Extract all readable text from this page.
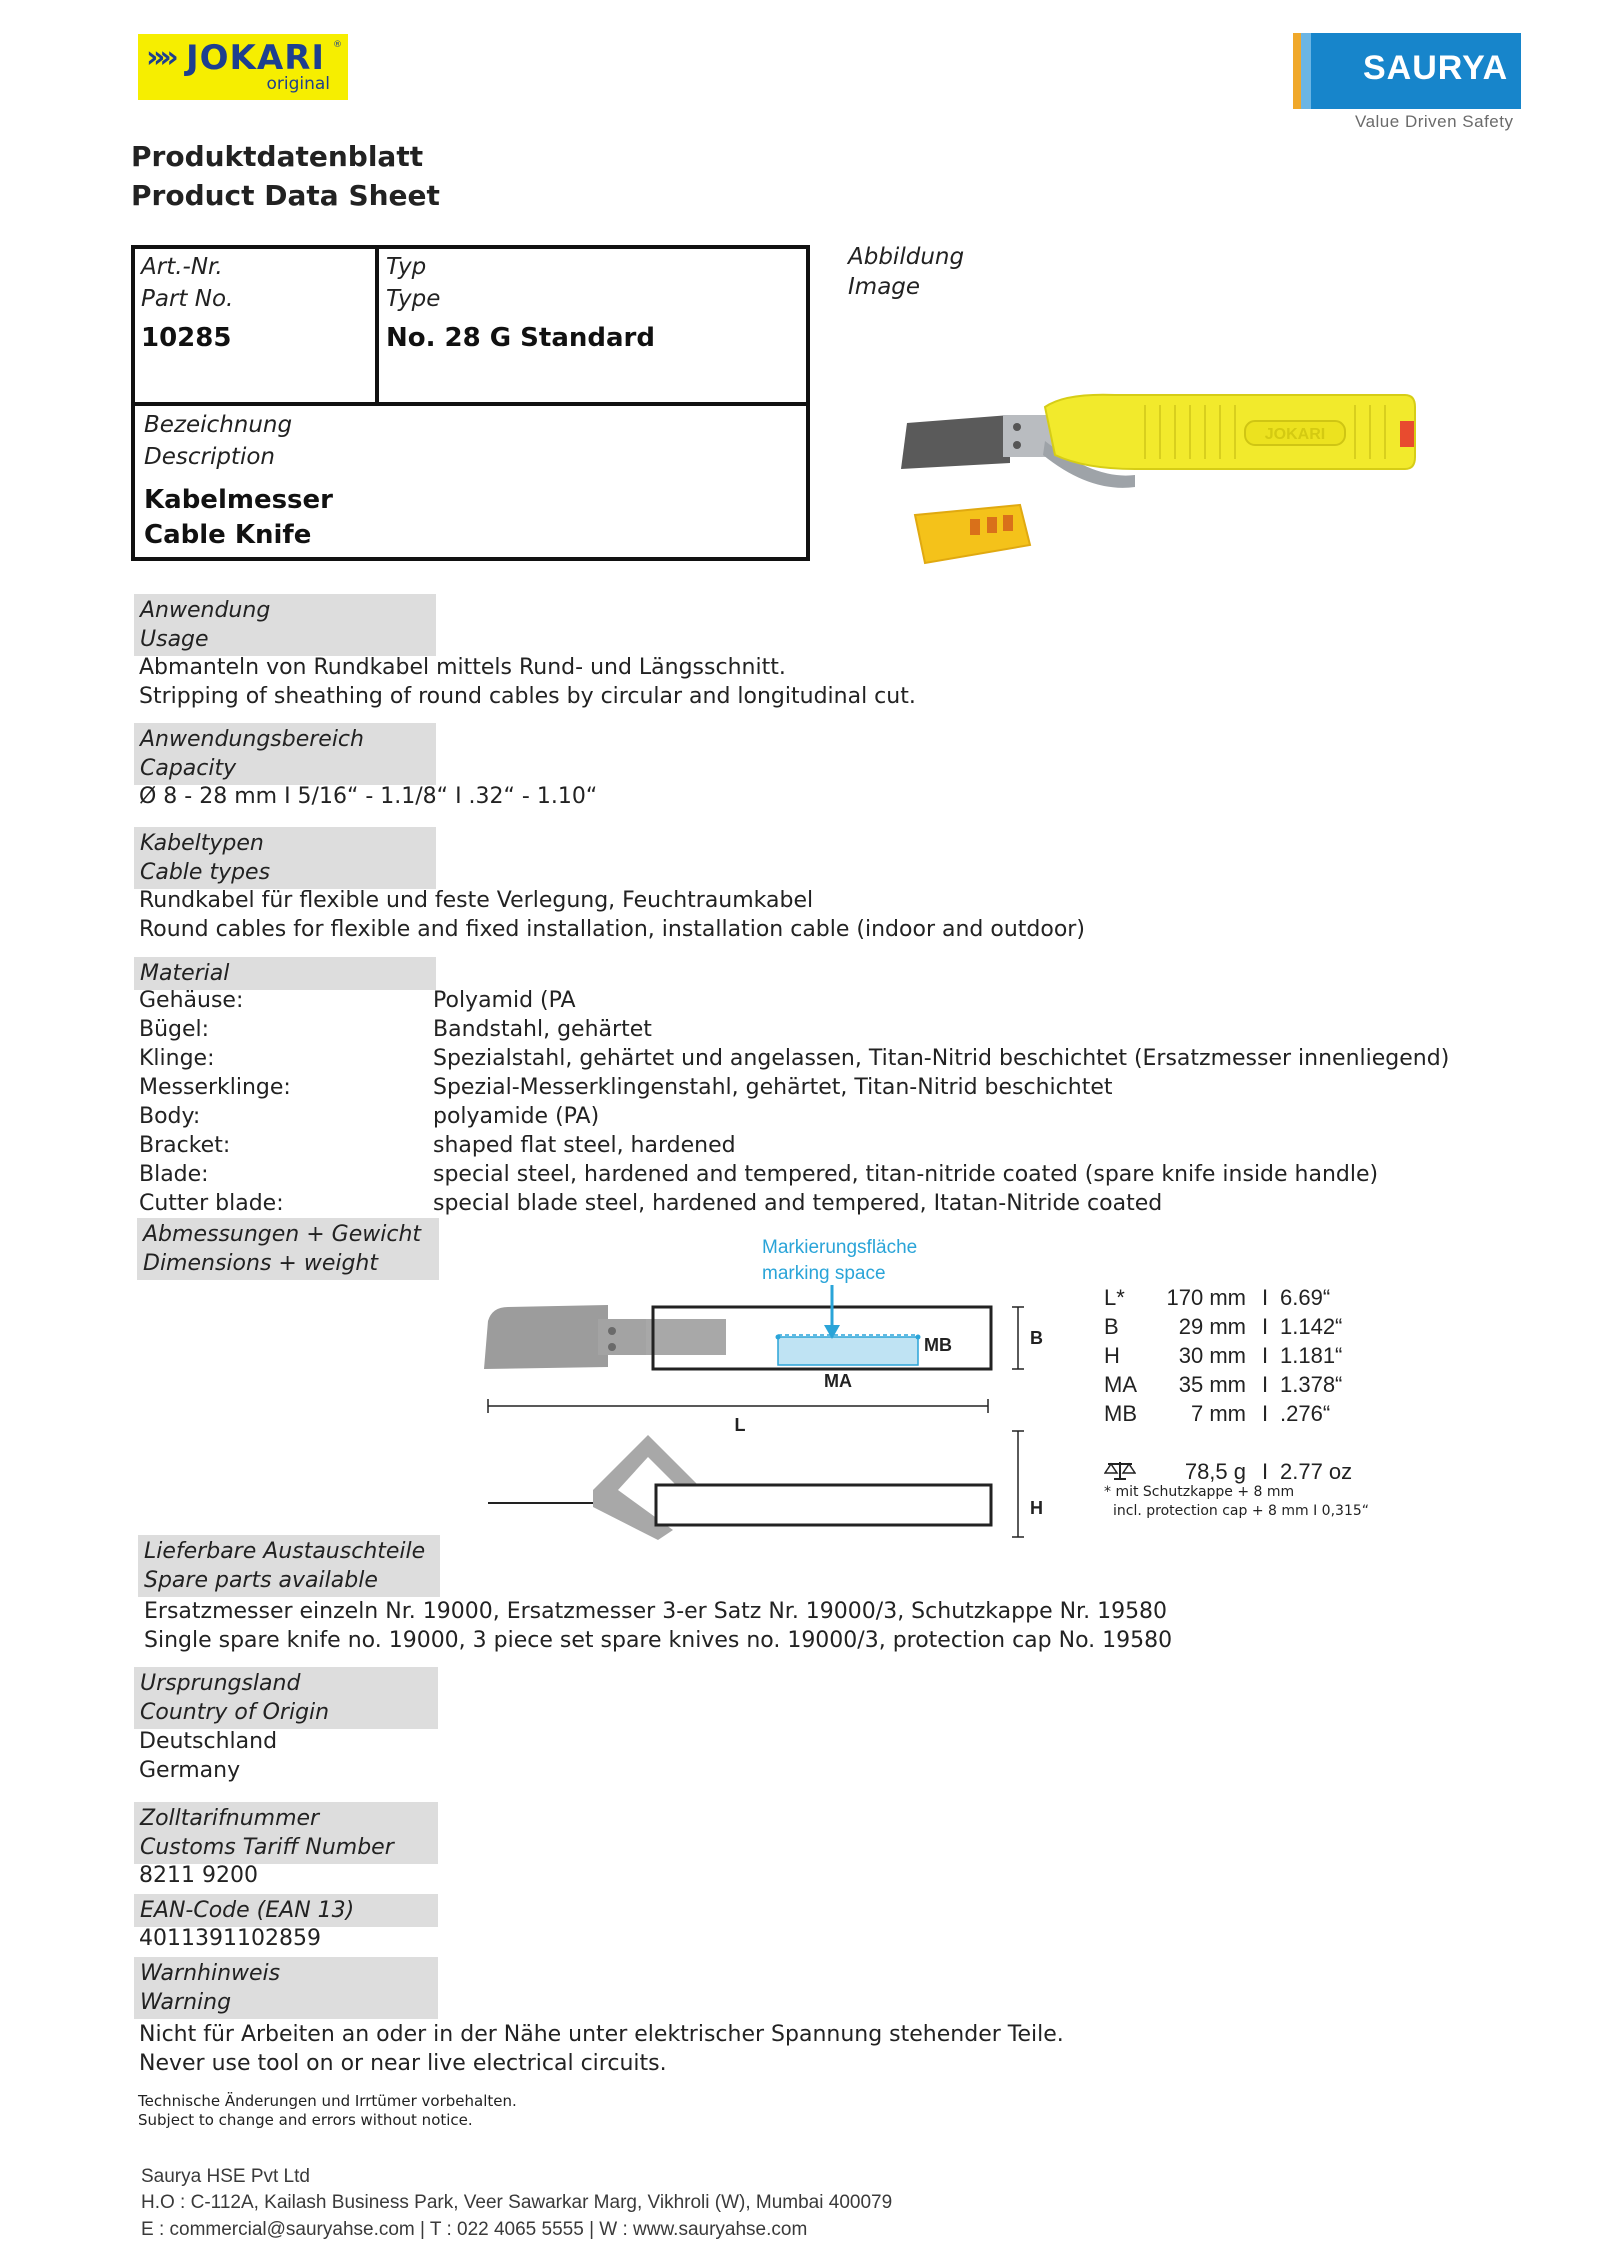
»» JOKARI ®
original	SAURYA
Value Driven Safety
Produktdatenblatt
Product Data Sheet
Art.-Nr.
Part No.
10285
Typ
Type
No. 28 G Standard
Bezeichnung
Description
Kabelmesser
Cable Knife
Abbildung
Image
JOKARI
Anwendung
Usage
Abmanteln von Rundkabel mittels Rund- und Längsschnitt.
Stripping of sheathing of round cables by circular and longitudinal cut.
Anwendungsbereich
Capacity
Ø 8 - 28 mm I 5/16“ - 1.1/8“ I .32“ - 1.10“
Kabeltypen
Cable types
Rundkabel für flexible und feste Verlegung, Feuchtraumkabel
Round cables for flexible and fixed installation, installation cable (indoor and outdoor)
Material
Gehäuse:	Polyamid (PA
Bügel:	Bandstahl, gehärtet
Klinge:	Spezialstahl, gehärtet und angelassen, Titan-Nitrid beschichtet (Ersatzmesser innenliegend)
Messerklinge:	Spezial-Messerklingenstahl, gehärtet, Titan-Nitrid beschichtet
Body:	polyamide (PA)
Bracket:	shaped flat steel, hardened
Blade:	special steel, hardened and tempered, titan-nitride coated (spare knife inside handle)
Cutter blade:	special blade steel, hardened and tempered, Itatan-Nitride coated
Abmessungen + Gewicht
Dimensions + weight
Markierungsfläche
marking space
MA
MB	B
L
H
L* 170 mm I 6.69“
B	29 mm I 1.142“
H	30 mm I 1.181“
MA	35 mm I 1.378“
MB	7 mm I .276“
78,5 g I 2.77 oz
* mit Schutzkappe + 8 mm
incl. protection cap + 8 mm I 0,315“
Lieferbare Austauschteile
Spare parts available
Ersatzmesser einzeln Nr. 19000, Ersatzmesser 3-er Satz Nr. 19000/3, Schutzkappe Nr. 19580
Single spare knife no. 19000, 3 piece set spare knives no. 19000/3, protection cap No. 19580
Ursprungsland
Country of Origin
Deutschland
Germany
Zolltarifnummer
Customs Tariff Number
8211 9200
EAN-Code (EAN 13)
4011391102859
Warnhinweis
Warning
Nicht für Arbeiten an oder in der Nähe unter elektrischer Spannung stehender Teile.
Never use tool on or near live electrical circuits.
Technische Änderungen und Irrtümer vorbehalten.
Subject to change and errors without notice.
Saurya HSE Pvt Ltd
H.O : C-112A, Kailash Business Park, Veer Sawarkar Marg, Vikhroli (W), Mumbai 400079
E : commercial@sauryahse.com | T : 022 4065 5555 | W : www.sauryahse.com
